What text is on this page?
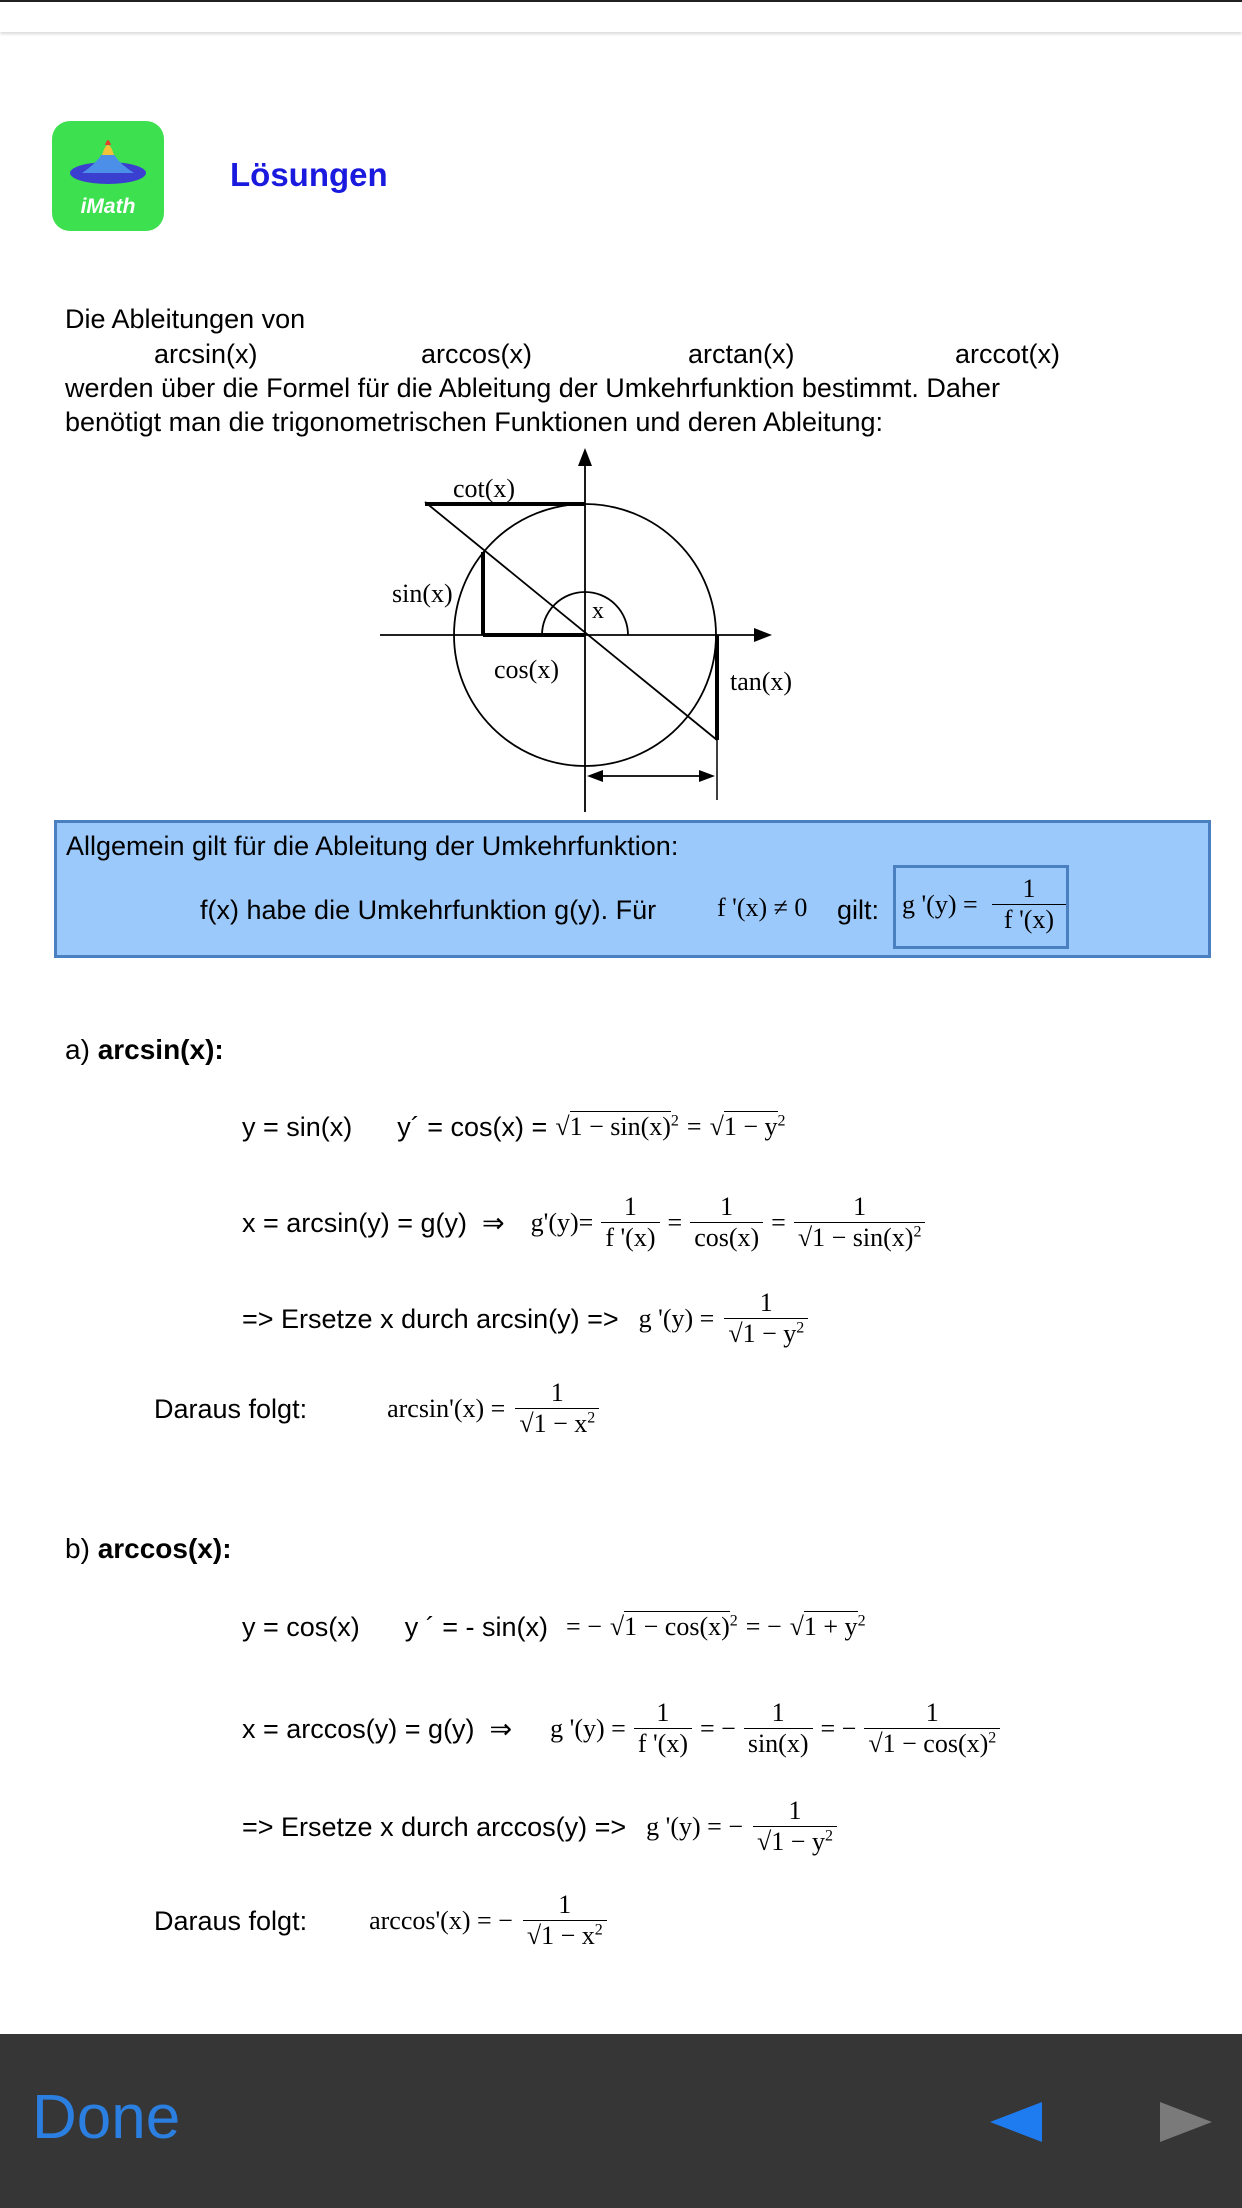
iMath
Lösungen
Die Ableitungen von
arcsin(x)	arccos(x)	arctan(x)	arccot(x)
werden über die Formel für die Ableitung der Umkehrfunktion bestimmt. Daher
benötigt man die trigonometrischen Funktionen und deren Ableitung:
cot(x)
sin(x)
x
cos(x)	tan(x)
Allgemein gilt für die Ableitung der Umkehrfunktion:
f(x) habe die Umkehrfunktion g(y). Für f '(x) ≠ 0 gilt: g '$(y) = \frac{1}{f '(x)}$
a) arcsin(x):
y = sin(x)      y´ = $\cos(x) = √1 - \sin(x)^2 = √1 - y^2$
x = arcsin(y) = g(y)  ⇒ $g'(y)= \frac{1}{f '(x)} = \frac{1}{\cos(x)} = \frac{1}{√1 - \sin(x)^2}$
=> Ersetze x durch arcsin(y) => g '$(y) = \frac{1}{√1 - y^2}$
Daraus folgt:	$\arcsin'(x) = \frac{1}{√1 - x^2}$
b) arccos(x):
y = cos(x)      y ´ = - sin(x) = − $√1 - \cos(x)^2$ = − $√1 + y^2$
x = arccos(y) = g(y)  ⇒ g '$(y) = \frac{1}{f '(x)}$ = − $\frac{1}{\sin(x)}$ = − $\frac{1}{√1 - \cos(x)^2}$
=> Ersetze x durch arccos(y) => g '(y) = − $\frac{1}{√1 - y^2}$
Daraus folgt: arccos'(x) = − $\frac{1}{√1 - x^2}$
Done
